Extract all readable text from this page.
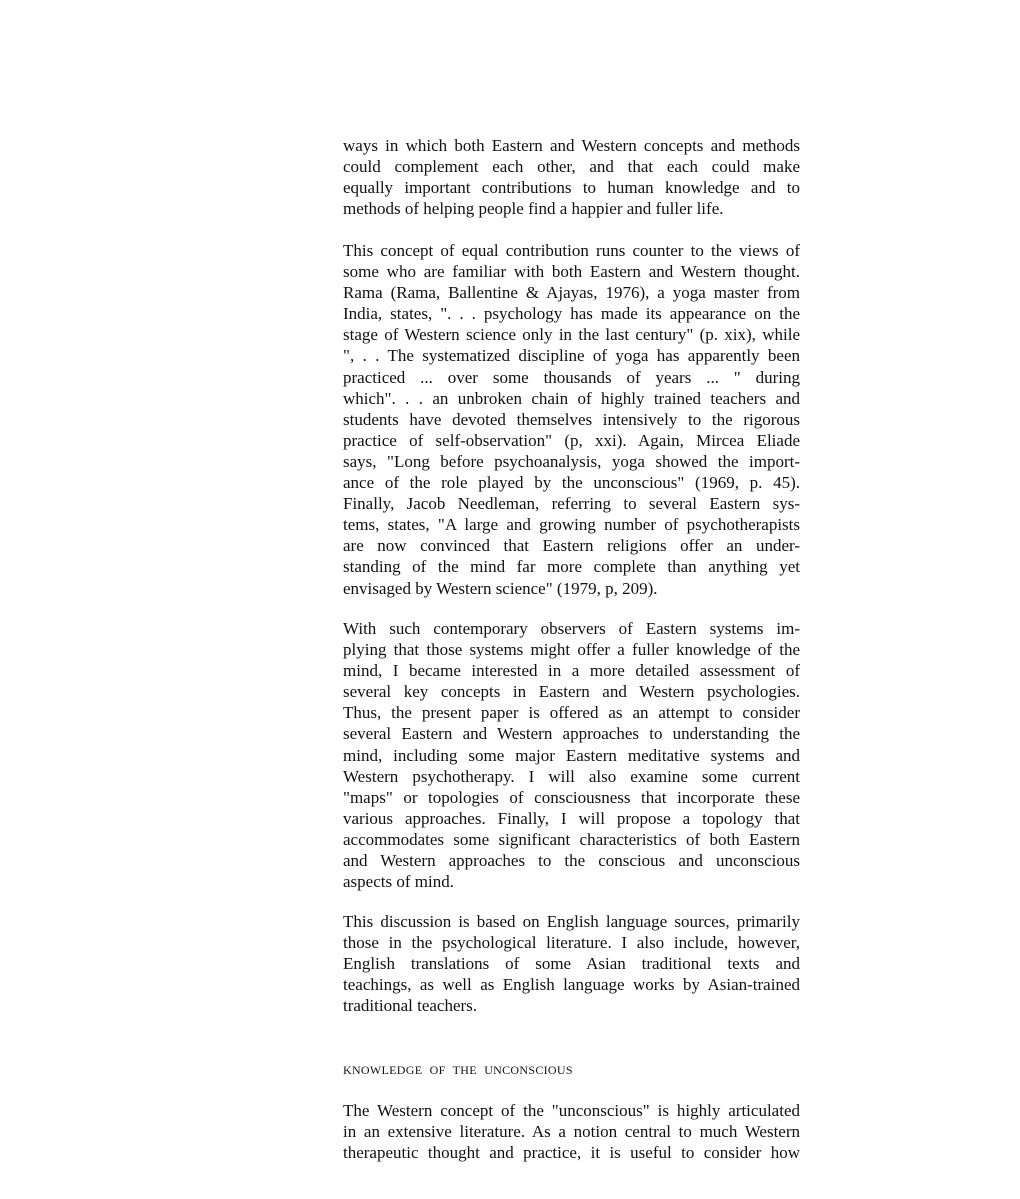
ways in which both Eastern and Western concepts and methods
could complement each other, and that each could make
equally important contributions to human knowledge and to
methods of helping people find a happier and fuller life.
This concept of equal contribution runs counter to the views of
some who are familiar with both Eastern and Western thought.
Rama (Rama, Ballentine & Ajayas, 1976), a yoga master from
India, states, ". . . psychology has made its appearance on the
stage of Western science only in the last century" (p. xix), while
", . . The systematized discipline of yoga has apparently been
practiced ... over some thousands of years ... " during
which". . . an unbroken chain of highly trained teachers and
students have devoted themselves intensively to the rigorous
practice of self-observation" (p, xxi). Again, Mircea Eliade
says, "Long before psychoanalysis, yoga showed the import-
ance of the role played by the unconscious" (1969, p. 45).
Finally, Jacob Needleman, referring to several Eastern sys-
tems, states, "A large and growing number of psychotherapists
are now convinced that Eastern religions offer an under-
standing of the mind far more complete than anything yet
envisaged by Western science" (1979, p, 209).
With such contemporary observers of Eastern systems im-
plying that those systems might offer a fuller knowledge of the
mind, I became interested in a more detailed assessment of
several key concepts in Eastern and Western psychologies.
Thus, the present paper is offered as an attempt to consider
several Eastern and Western approaches to understanding the
mind, including some major Eastern meditative systems and
Western psychotherapy. I will also examine some current
"maps" or topologies of consciousness that incorporate these
various approaches. Finally, I will propose a topology that
accommodates some significant characteristics of both Eastern
and Western approaches to the conscious and unconscious
aspects of mind.
This discussion is based on English language sources, primarily
those in the psychological literature. I also include, however,
English translations of some Asian traditional texts and
teachings, as well as English language works by Asian-trained
traditional teachers.
KNOWLEDGE OF THE UNCONSCIOUS
The Western concept of the "unconscious" is highly articulated
in an extensive literature. As a notion central to much Western
therapeutic thought and practice, it is useful to consider how
